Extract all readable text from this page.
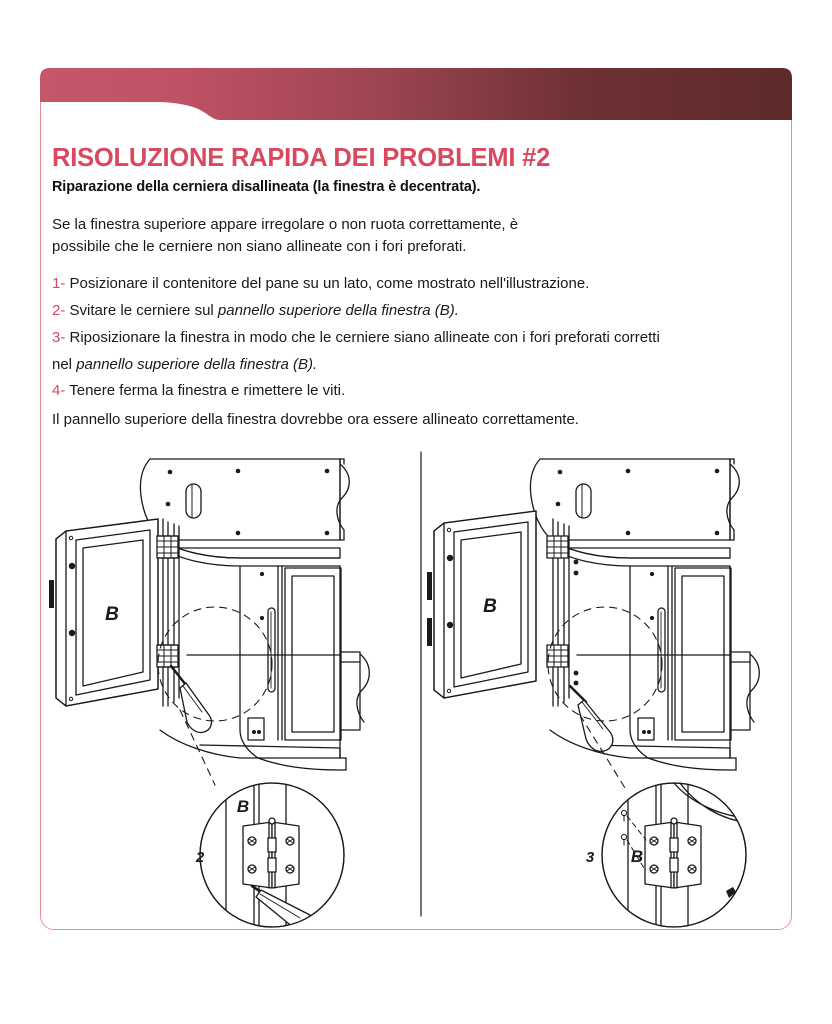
RISOLUZIONE RAPIDA DEI PROBLEMI #2
Riparazione della cerniera disallineata (la finestra è decentrata).
Se la finestra superiore appare irregolare o non ruota correttamente, è
possibile che le cerniere non siano allineate con i fori preforati.
1- Posizionare il contenitore del pane su un lato, come mostrato nell'illustrazione.
2- Svitare le cerniere sul pannello superiore della finestra (B).
3- Riposizionare la finestra in modo che le cerniere siano allineate con i fori preforati corretti
nel pannello superiore della finestra (B).
4- Tenere ferma la finestra e rimettere le viti.
Il pannello superiore della finestra dovrebbe ora essere allineato correttamente.
B
2
B
B
3 B
